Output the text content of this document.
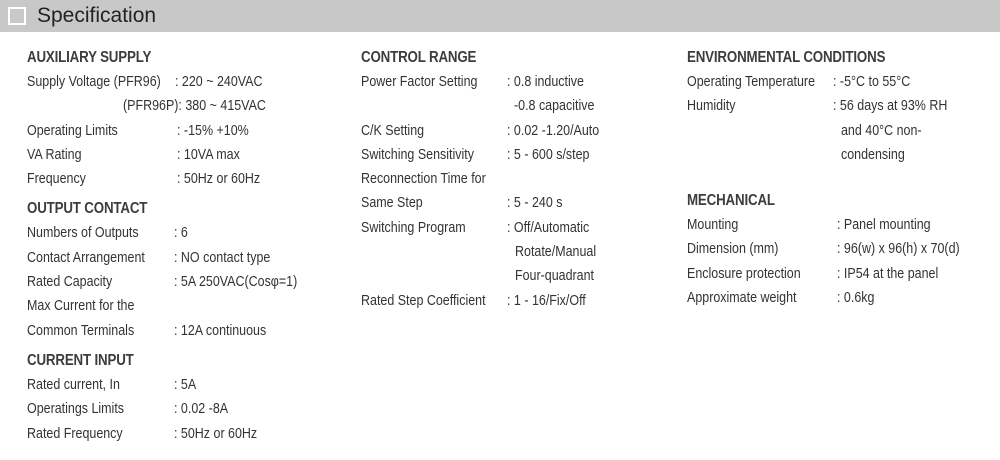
Specification
AUXILIARY SUPPLY
Supply Voltage (PFR96) : 220 ~ 240VAC
(PFR96P): 380 ~ 415VAC
Operating Limits	: -15% +10%
VA Rating	: 10VA max
Frequency	: 50Hz or 60Hz
OUTPUT CONTACT
Numbers of Outputs	: 6
Contact Arrangement	: NO contact type
Rated Capacity	: 5A 250VAC(Cosφ=1)
Max Current for the
Common Terminals	: 12A continuous
CURRENT INPUT
Rated current, In	: 5A
Operatings Limits	: 0.02 -8A
Rated Frequency	: 50Hz or 60Hz
CONTROL RANGE
Power Factor Setting	: 0.8 inductive
-0.8 capacitive
C/K Setting	: 0.02 -1.20/Auto
Switching Sensitivity	: 5 - 600 s/step
Reconnection Time for
Same Step	: 5 - 240 s
Switching Program	: Off/Automatic
Rotate/Manual
Four-quadrant
Rated Step Coefficient : 1 - 16/Fix/Off
ENVIRONMENTAL CONDITIONS
Operating Temperature : -5°C to 55°C
Humidity	: 56 days at 93% RH
and 40°C non-
condensing
MECHANICAL
Mounting	: Panel mounting
Dimension (mm)	: 96(w) x 96(h) x 70(d)
Enclosure protection	: IP54 at the panel
Approximate weight	: 0.6kg
